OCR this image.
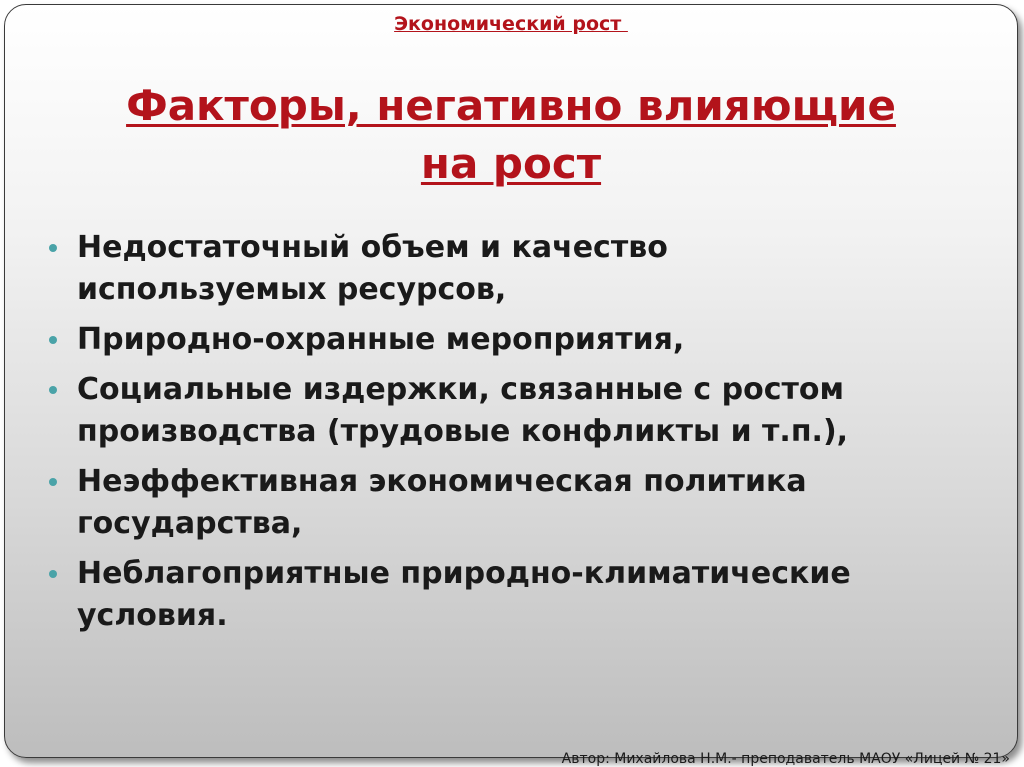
Экономический рост
Факторы, негативно влияющие
на рост
Недостаточный объем и качество
используемых ресурсов,
Природно-охранные мероприятия,
Социальные издержки, связанные с ростом
производства (трудовые конфликты и т.п.),
Неэффективная экономическая политика
государства,
Неблагоприятные природно-климатические
условия.
Автор: Михайлова Н.М.- преподаватель МАОУ «Лицей № 21»
